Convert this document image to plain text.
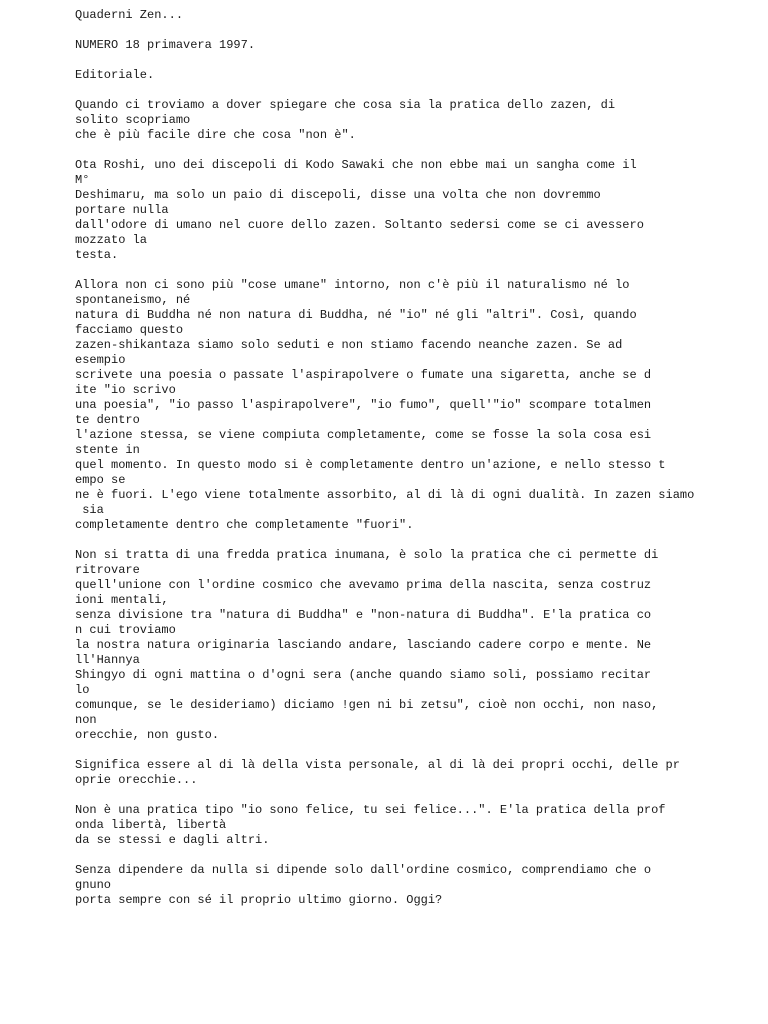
Quaderni Zen...
NUMERO 18 primavera 1997.
Editoriale.
Quando ci troviamo a dover spiegare che cosa sia la pratica dello zazen, di
solito scopriamo
che è più facile dire che cosa "non è".
Ota Roshi, uno dei discepoli di Kodo Sawaki che non ebbe mai un sangha come il
M°
Deshimaru, ma solo un paio di discepoli, disse una volta che non dovremmo
portare nulla
dall'odore di umano nel cuore dello zazen. Soltanto sedersi come se ci avessero
mozzato la
testa.
Allora non ci sono più "cose umane" intorno, non c'è più il naturalismo né lo
spontaneismo, né
natura di Buddha né non natura di Buddha, né "io" né gli "altri". Così, quando
facciamo questo
zazen-shikantaza siamo solo seduti e non stiamo facendo neanche zazen. Se ad
esempio
scrivete una poesia o passate l'aspirapolvere o fumate una sigaretta, anche se d
ite "io scrivo
una poesia", "io passo l'aspirapolvere", "io fumo", quell'"io" scompare totalmen
te dentro
l'azione stessa, se viene compiuta completamente, come se fosse la sola cosa esi
stente in
quel momento. In questo modo si è completamente dentro un'azione, e nello stesso t
empo se
ne è fuori. L'ego viene totalmente assorbito, al di là di ogni dualità. In zazen siamo
sia
completamente dentro che completamente "fuori".
Non si tratta di una fredda pratica inumana, è solo la pratica che ci permette di
ritrovare
quell'unione con l'ordine cosmico che avevamo prima della nascita, senza costruz
ioni mentali,
senza divisione tra "natura di Buddha" e "non-natura di Buddha". E'la pratica co
n cui troviamo
la nostra natura originaria lasciando andare, lasciando cadere corpo e mente. Ne
ll'Hannya
Shingyo di ogni mattina o d'ogni sera (anche quando siamo soli, possiamo recitar
lo
comunque, se le desideriamo) diciamo !gen ni bi zetsu", cioè non occhi, non naso,
non
orecchie, non gusto.
Significa essere al di là della vista personale, al di là dei propri occhi, delle pr
oprie orecchie...
Non è una pratica tipo "io sono felice, tu sei felice...". E'la pratica della prof
onda libertà, libertà
da se stessi e dagli altri.
Senza dipendere da nulla si dipende solo dall'ordine cosmico, comprendiamo che o
gnuno
porta sempre con sé il proprio ultimo giorno. Oggi?
